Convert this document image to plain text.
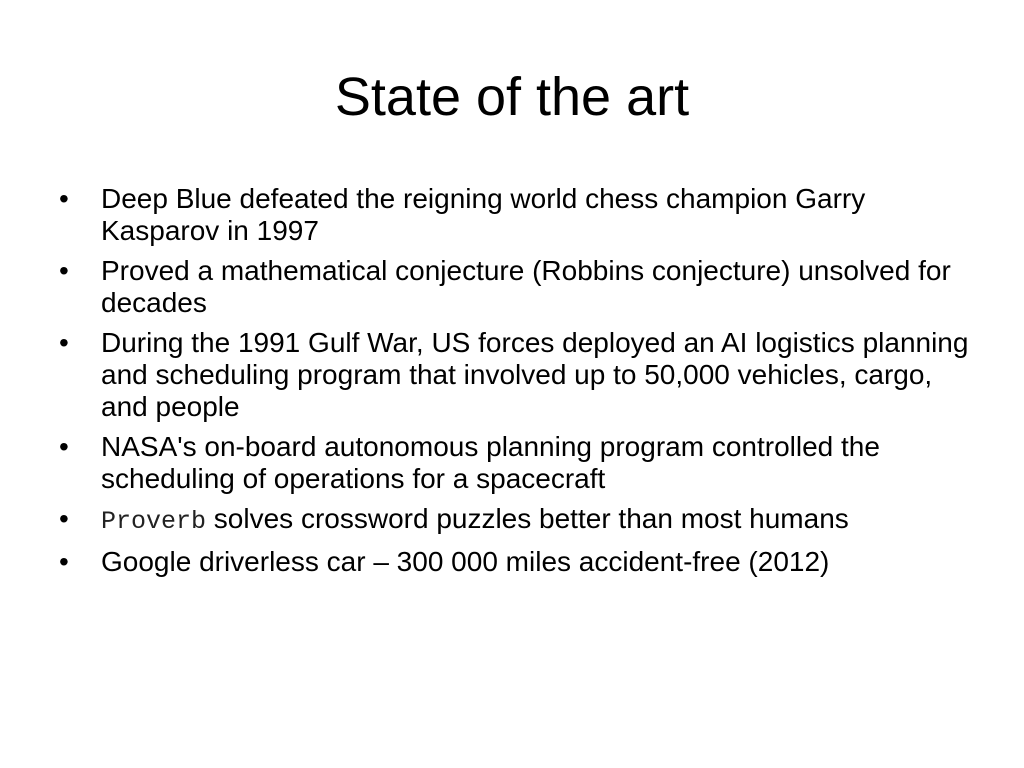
State of the art
• Deep Blue defeated the reigning world chess champion Garry Kasparov in 1997
• Proved a mathematical conjecture (Robbins conjecture) unsolved for decades
• During the 1991 Gulf War, US forces deployed an AI logistics planning and scheduling program that involved up to 50,000 vehicles, cargo, and people
• NASA's on-board autonomous planning program controlled the scheduling of operations for a spacecraft
• Proverb solves crossword puzzles better than most humans
• Google driverless car – 300 000 miles accident-free (2012)
